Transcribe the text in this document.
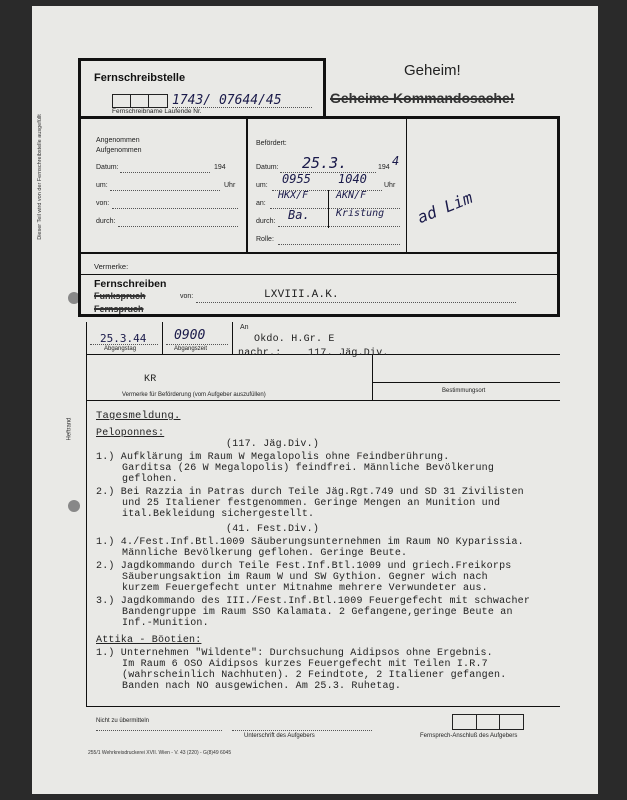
Dieser Teil wird von der Fernschreibstelle ausgefüllt
Heftrand
Geheim!
Geheime Kommandosache!
Fernschreibstelle
1743/ 07644/45
Fernschreibname Laufende Nr.
Angenommen
Aufgenommen
Datum:	194
um:	Uhr
von:
durch:
Befördert:
Datum: 25.3.	194 4
um: 0955 1040 Uhr
an:
HKX/F	AKN/F
durch: Ba.	Kristung
Rolle:
ad Lim
Vermerke:
Fernschreiben
Funkspruch
Fernspruch
von:	LXVIII.A.K.
25.3.44
Abgangstag
0900
Abgangszeit
An
Okdo. H.Gr. E
nachr.:	117. Jäg.Div.
KR
Vermerke für Beförderung (vom Aufgeber auszufüllen)
Bestimmungsort
Tagesmeldung.
Peloponnes:
(117. Jäg.Div.)
1.) Aufklärung im Raum W Megalopolis ohne Feindberührung.
Garditsa (26 W Megalopolis) feindfrei. Männliche Bevölkerung
geflohen.
2.) Bei Razzia in Patras durch Teile Jäg.Rgt.749 und SD 31 Zivilisten
und 25 Italiener festgenommen. Geringe Mengen an Munition und
ital.Bekleidung sichergestellt.
(41. Fest.Div.)
1.) 4./Fest.Inf.Btl.1009 Säuberungsunternehmen im Raum NO Kyparissia.
Männliche Bevölkerung geflohen. Geringe Beute.
2.) Jagdkommando durch Teile Fest.Inf.Btl.1009 und griech.Freikorps
Säuberungsaktion im Raum W und SW Gythion. Gegner wich nach
kurzem Feuergefecht unter Mitnahme mehrere Verwundeter aus.
3.) Jagdkommando des III./Fest.Inf.Btl.1009 Feuergefecht mit schwacher
Bandengruppe im Raum SSO Kalamata. 2 Gefangene,geringe Beute an
Inf.-Munition.
Attika - Böotien:
1.) Unternehmen "Wildente": Durchsuchung Aidipsos ohne Ergebnis.
Im Raum 6 OSO Aidipsos kurzes Feuergefecht mit Teilen I.R.7
(wahrscheinlich Nachhuten). 2 Feindtote, 2 Italiener gefangen.
Banden nach NO ausgewichen. Am 25.3. Ruhetag.
Nicht zu übermitteln
Unterschrift des Aufgebers	Fernsprech-Anschluß des Aufgebers
255/1 Wehrkreisdruckerei XVII. Wien - V. 43 (220) - G(8)49 6045
